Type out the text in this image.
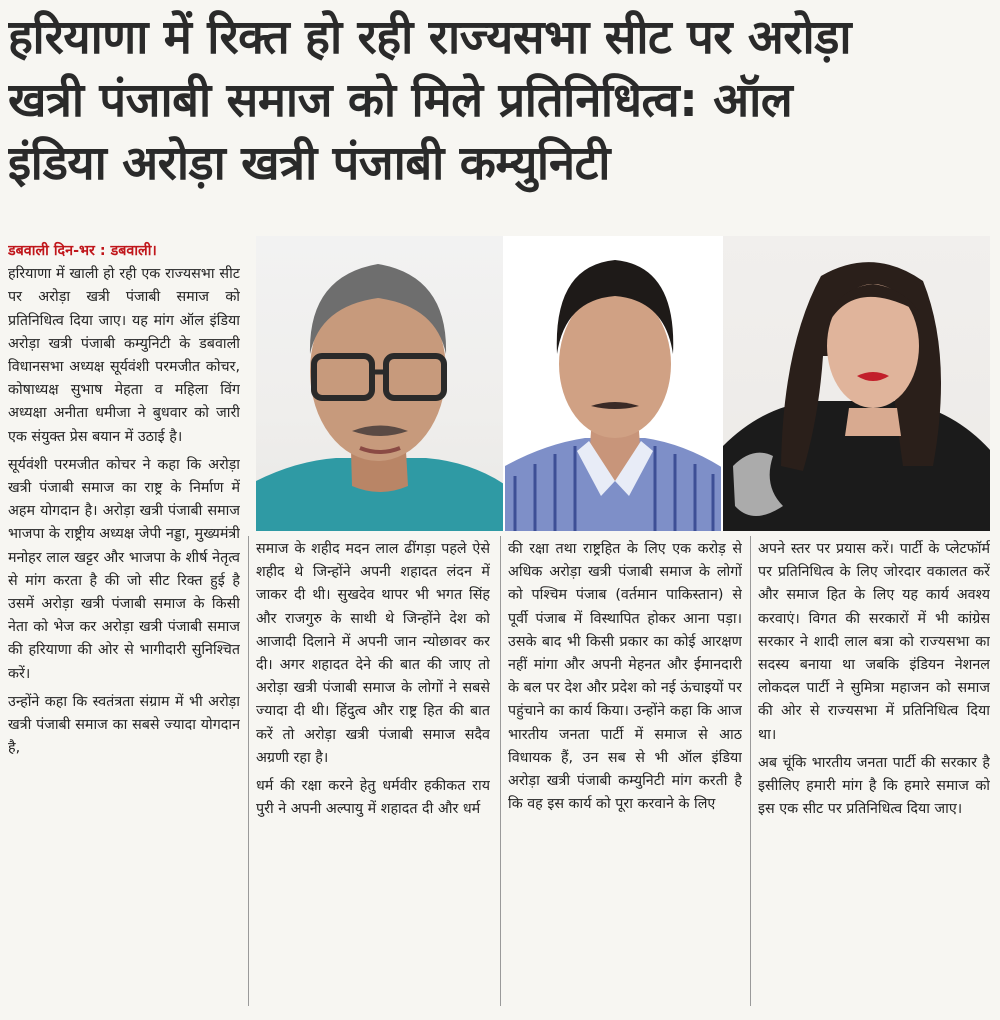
हरियाणा में रिक्त हो रही राज्यसभा सीट पर अरोड़ा
खत्री पंजाबी समाज को मिले प्रतिनिधित्व: ऑल
इंडिया अरोड़ा खत्री पंजाबी कम्युनिटी

डबवाली दिन-भर : डबवाली।
हरियाणा में खाली हो रही एक राज्यसभा सीट पर अरोड़ा खत्री पंजाबी समाज को प्रतिनिधित्व दिया जाए। यह मांग ऑल इंडिया अरोड़ा खत्री पंजाबी कम्युनिटी के डबवाली विधानसभा अध्यक्ष सूर्यवंशी परमजीत कोचर, कोषाध्यक्ष सुभाष मेहता व महिला विंग अध्यक्षा अनीता धमीजा ने बुधवार को जारी एक संयुक्त प्रेस बयान में उठाई है।

सूर्यवंशी परमजीत कोचर ने कहा कि अरोड़ा खत्री पंजाबी समाज का राष्ट्र के निर्माण में अहम योगदान है। अरोड़ा खत्री पंजाबी समाज भाजपा के राष्ट्रीय अध्यक्ष जेपी नड्डा, मुख्यमंत्री मनोहर लाल खट्टर और भाजपा के शीर्ष नेतृत्व से मांग करता है की जो सीट रिक्त हुई है उसमें अरोड़ा खत्री पंजाबी समाज के किसी नेता को भेज कर अरोड़ा खत्री पंजाबी समाज की हरियाणा की ओर से भागीदारी सुनिश्चित करें।

उन्होंने कहा कि स्वतंत्रता संग्राम में भी अरोड़ा खत्री पंजाबी समाज का सबसे ज्यादा योगदान है,

समाज के शहीद मदन लाल ढींगड़ा पहले ऐसे शहीद थे जिन्होंने अपनी शहादत लंदन में जाकर दी थी। सुखदेव थापर भी भगत सिंह और राजगुरु के साथी थे जिन्होंने देश को आजादी दिलाने में अपनी जान न्योछावर कर दी। अगर शहादत देने की बात की जाए तो अरोड़ा खत्री पंजाबी समाज के लोगों ने सबसे ज्यादा दी थी। हिंदुत्व और राष्ट्र हित की बात करें तो अरोड़ा खत्री पंजाबी समाज सदैव अग्रणी रहा है।

धर्म की रक्षा करने हेतु धर्मवीर हकीकत राय पुरी ने अपनी अल्पायु में शहादत दी और धर्म

की रक्षा तथा राष्ट्रहित के लिए एक करोड़ से अधिक अरोड़ा खत्री पंजाबी समाज के लोगों को पश्चिम पंजाब (वर्तमान पाकिस्तान) से पूर्वी पंजाब में विस्थापित होकर आना पड़ा। उसके बाद भी किसी प्रकार का कोई आरक्षण नहीं मांगा और अपनी मेहनत और ईमानदारी के बल पर देश और प्रदेश को नई ऊंचाइयों पर पहुंचाने का कार्य किया। उन्होंने कहा कि आज भारतीय जनता पार्टी में समाज से आठ विधायक हैं, उन सब से भी ऑल इंडिया अरोड़ा खत्री पंजाबी कम्युनिटी मांग करती है कि वह इस कार्य को पूरा करवाने के लिए

अपने स्तर पर प्रयास करें। पार्टी के प्लेटफॉर्म पर प्रतिनिधित्व के लिए जोरदार वकालत करें और समाज हित के लिए यह कार्य अवश्य करवाएं। विगत की सरकारों में भी कांग्रेस सरकार ने शादी लाल बत्रा को राज्यसभा का सदस्य बनाया था जबकि इंडियन नेशनल लोकदल पार्टी ने सुमित्रा महाजन को समाज की ओर से राज्यसभा में प्रतिनिधित्व दिया था।

अब चूंकि भारतीय जनता पार्टी की सरकार है इसीलिए हमारी मांग है कि हमारे समाज को इस एक सीट पर प्रतिनिधित्व दिया जाए।
